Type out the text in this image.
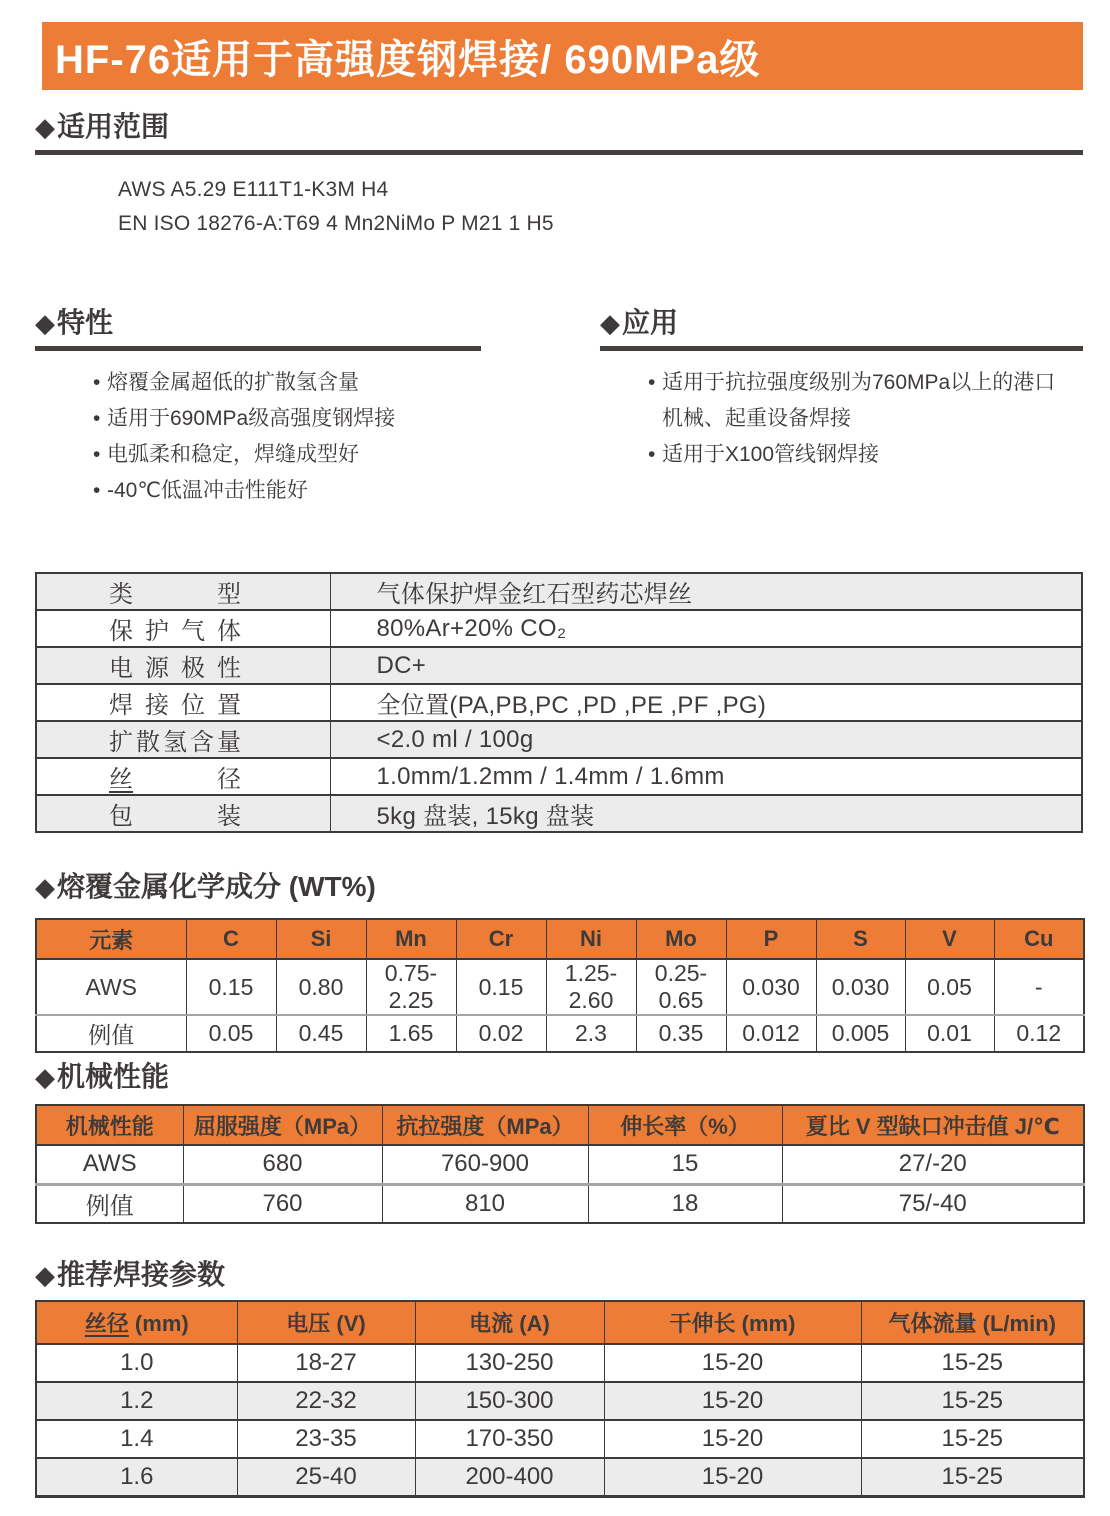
HF-76适用于高强度钢焊接/ 690MPa级
◆ 适用范围

AWS A5.29 E111T1-K3M H4

EN ISO 18276-A:T69 4 Mn2NiMo P M21 1 H5

◆ 特性
• 熔覆金属超低的扩散氢含量
• 适用于690MPa级高强度钢焊接
• 电弧柔和稳定，焊缝成型好
• -40℃低温冲击性能好
◆ 应用
• 适用于抗拉强度级别为760MPa以上的港口机械、起重设备焊接
• 适用于X100管线钢焊接
类 型	气体保护焊金红石型药芯焊丝

保 护 气 体	80%Ar+20% CO₂

电 源 极 性	DC+

焊 接 位 置	全位置(PA,PB,PC ,PD ,PE ,PF ,PG)

扩 散 氢 含 量	<2.0 ml / 100g

丝 径	1.0mm/1.2mm / 1.4mm / 1.6mm

包 装	5kg 盘装, 15kg 盘装
◆ 熔覆金属化学成分 (WT%)
元素	C	Si	Mn	Cr	Ni	Mo	P	S	V	Cu
AWS	0.15	0.80	0.75-2.25	0.15	1.25-2.60	0.25-0.65	0.030	0.030	0.05	-
例值	0.05	0.45	1.65	0.02	2.3	0.35	0.012	0.005	0.01	0.12
◆ 机械性能
机械性能	屈服强度（MPa）	抗拉强度（MPa）	伸长率（%）	夏比 V 型缺口冲击值 J/℃
AWS	680	760-900	15	27/-20
例值	760	810	18	75/-40
◆ 推荐焊接参数
丝径 (mm)	电压 (V)	电流 (A)	干伸长 (mm)	气体流量 (L/min)
1.0	18-27	130-250	15-20	15-25
1.2	22-32	150-300	15-20	15-25
1.4	23-35	170-350	15-20	15-25
1.6	25-40	200-400	15-20	15-25
